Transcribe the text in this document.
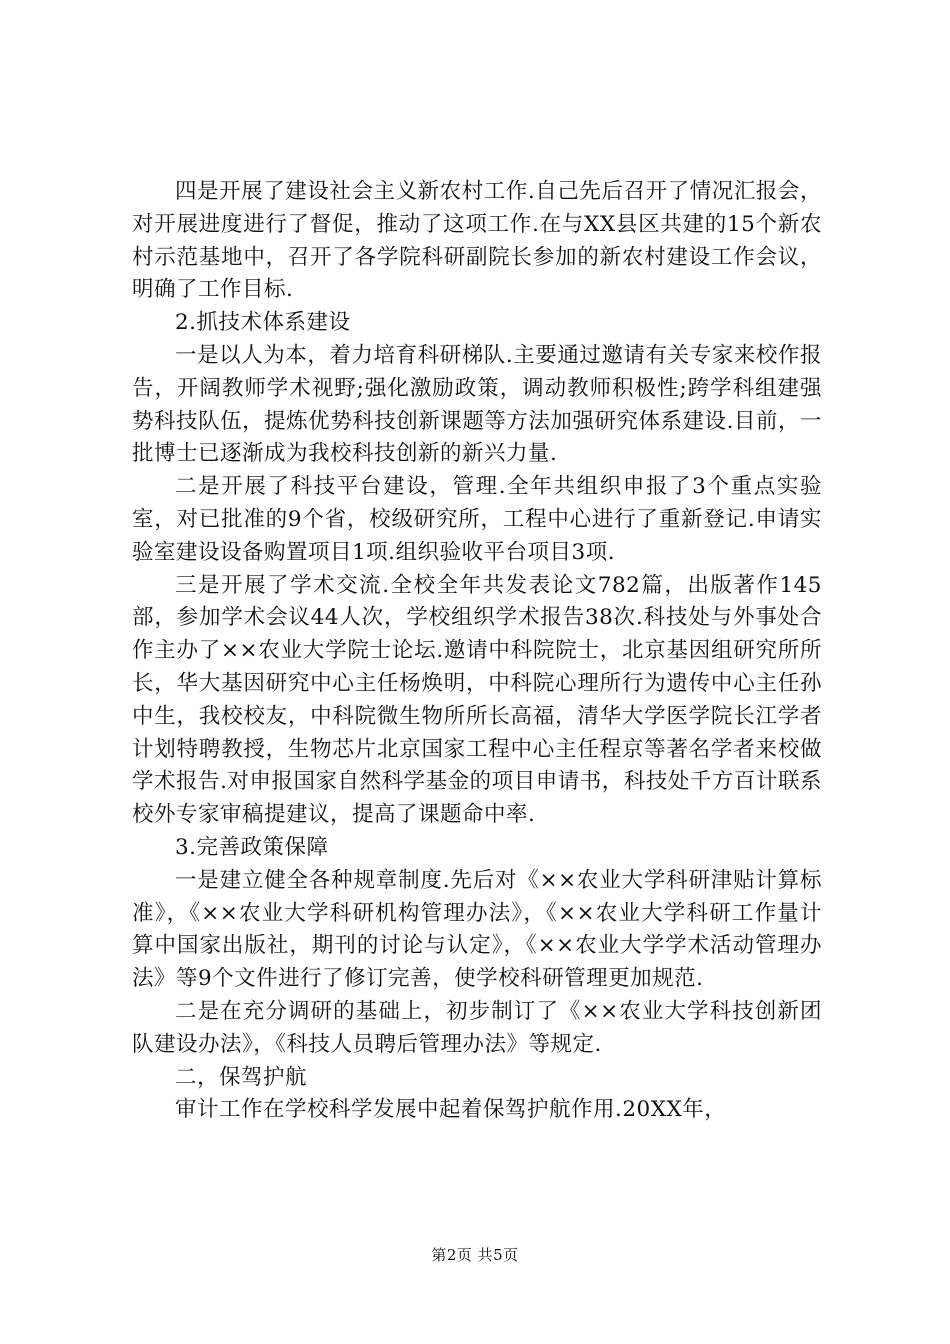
四是开展了建设社会主义新农村工作.自己先后召开了情况汇报会，对开展进度进行了督促，推动了这项工作.在与XX县区共建的15个新农村示范基地中，召开了各学院科研副院长参加的新农村建设工作会议，明确了工作目标.

2.抓技术体系建设

一是以人为本，着力培育科研梯队.主要通过邀请有关专家来校作报告，开阔教师学术视野;强化激励政策，调动教师积极性;跨学科组建强势科技队伍，提炼优势科技创新课题等方法加强研究体系建设.目前，一批博士已逐渐成为我校科技创新的新兴力量.

二是开展了科技平台建设，管理.全年共组织申报了3个重点实验室，对已批准的9个省，校级研究所，工程中心进行了重新登记.申请实验室建设设备购置项目1项.组织验收平台项目3项.

三是开展了学术交流.全校全年共发表论文782篇，出版著作145部，参加学术会议44人次，学校组织学术报告38次.科技处与外事处合作主办了××农业大学院士论坛.邀请中科院院士，北京基因组研究所所长，华大基因研究中心主任杨焕明，中科院心理所行为遗传中心主任孙中生，我校校友，中科院微生物所所长高福，清华大学医学院长江学者计划特聘教授，生物芯片北京国家工程中心主任程京等著名学者来校做学术报告.对申报国家自然科学基金的项目申请书，科技处千方百计联系校外专家审稿提建议，提高了课题命中率.

3.完善政策保障

一是建立健全各种规章制度.先后对《××农业大学科研津贴计算标准》，《××农业大学科研机构管理办法》，《××农业大学科研工作量计算中国家出版社，期刊的讨论与认定》，《××农业大学学术活动管理办法》等9个文件进行了修订完善，使学校科研管理更加规范.

二是在充分调研的基础上，初步制订了《××农业大学科技创新团队建设办法》，《科技人员聘后管理办法》等规定.

二，保驾护航

审计工作在学校科学发展中起着保驾护航作用.20XX年，

第2页 共5页
